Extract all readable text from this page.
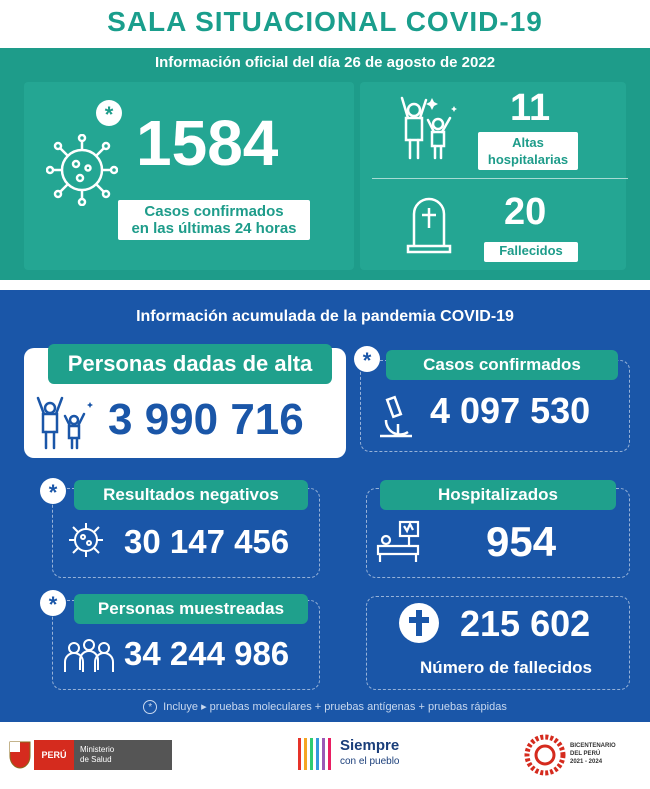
SALA SITUACIONAL COVID-19
Información oficial del día 26 de agosto de 2022
* 1584
Casos confirmados
en las últimas 24 horas
11
Altas
hospitalarias
20
Fallecidos
Información acumulada de la pandemia COVID-19
Personas dadas de alta
3 990 716
*	Casos confirmados
4 097 530
*	Resultados negativos
30 147 456
Hospitalizados
954
*	Personas muestreadas
34 244 986
215 602
Número de fallecidos
* Incluye ▸ pruebas moleculares + pruebas antígenas + pruebas rápidas
PERÚ
Ministerio
de Salud
Siempre
con el pueblo
BICENTENARIO
DEL PERÚ
2021 - 2024
